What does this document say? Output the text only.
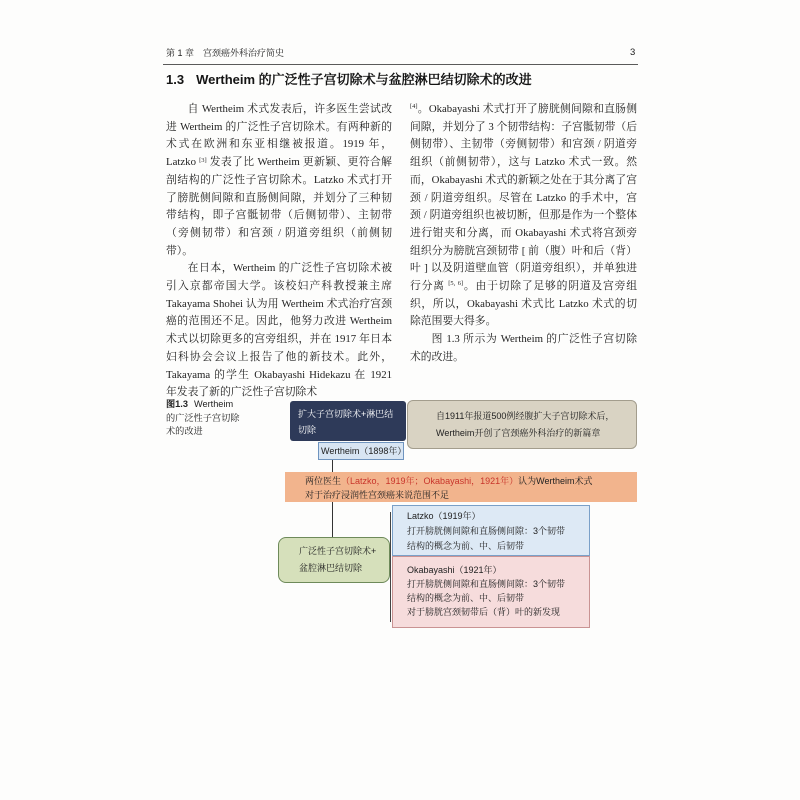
第 1 章 宫颈癌外科治疗简史	3
1.3 Wertheim 的广泛性子宫切除术与盆腔淋巴结切除术的改进

自 Wertheim 术式发表后，许多医生尝试改进 Wertheim 的广泛性子宫切除术。有两种新的术式在欧洲和东亚相继被报道。1919 年，Latzko [3] 发表了比 Wertheim 更新颖、更符合解剖结构的广泛性子宫切除术。Latzko 术式打开了膀胱侧间隙和直肠侧间隙，并划分了三种韧带结构，即子宫骶韧带（后侧韧带）、主韧带（旁侧韧带）和宫颈 / 阴道旁组织（前侧韧带）。

在日本，Wertheim 的广泛性子宫切除术被引入京都帝国大学。该校妇产科教授兼主席 Takayama Shohei 认为用 Wertheim 术式治疗宫颈癌的范围还不足。因此，他努力改进 Wertheim 术式以切除更多的宫旁组织，并在 1917 年日本妇科协会会议上报告了他的新技术。此外，Takayama 的学生 Okabayashi Hidekazu 在 1921 年发表了新的广泛性子宫切除术

[4]。Okabayashi 术式打开了膀胱侧间隙和直肠侧间隙，并划分了 3 个韧带结构：子宫骶韧带（后侧韧带）、主韧带（旁侧韧带）和宫颈 / 阴道旁组织（前侧韧带），这与 Latzko 术式一致。然而，Okabayashi 术式的新颖之处在于其分离了宫颈 / 阴道旁组织。尽管在 Latzko 的手术中，宫颈 / 阴道旁组织也被切断，但那是作为一个整体进行钳夹和分离，而 Okabayashi 术式将宫颈旁组织分为膀胱宫颈韧带 [ 前（腹）叶和后（背）叶 ] 以及阴道壁血管（阴道旁组织），并单独进行分离 [5, 6]。由于切除了足够的阴道及宫旁组织，所以，Okabayashi 术式比 Latzko 术式的切除范围要大得多。

图 1.3 所示为 Wertheim 的广泛性子宫切除术的改进。

图1.3 Wertheim 的广泛性子宫切除术的改进
扩大子宫切除术+淋巴结
切除
自1911年报道500例经腹扩大子宫切除术后，
Wertheim开创了宫颈癌外科治疗的新篇章
Wertheim（1898年）
两位医生（Latzko，1919年；Okabayashi，1921年）认为Wertheim术式
对于治疗浸润性宫颈癌来说范围不足
Latzko（1919年）
打开膀胱侧间隙和直肠侧间隙：3个韧带
结构的概念为前、中、后韧带
广泛性子宫切除术+
盆腔淋巴结切除	Okabayashi（1921年）
打开膀胱侧间隙和直肠侧间隙：3个韧带
结构的概念为前、中、后韧带
对于膀胱宫颈韧带后（背）叶的新发现
